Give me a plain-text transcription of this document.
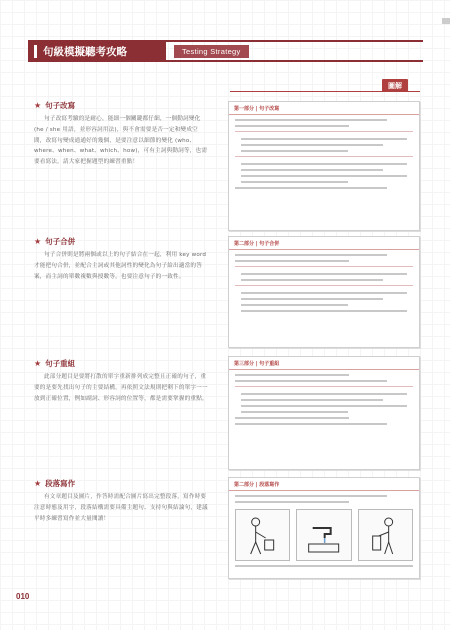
句級模擬聽考攻略	Testing Strategy
圖解
★ 句子改寫
句子改寫考驗的是耐心，能細一個關鍵都仔細，一個動詞變化 (he / she 用語，並形容詞用法)，與不會需要是否一定和變成空間，改寫句變成通通好的幾個，是要注意以細節的變化 (who、where、when、what、which、how)，可有主詞與動詞等，也需要看寫法，請大家把握題型的練習重點！
★ 句子合併
句子合併則是將兩個或以上的句子結合在一起，利用 key word 才能把句合併，並配合主詞或其他詞性的變化為句子給出適當的答案，而主詞的單數複數與授數等，也要注意句子的一致性。
★ 句子重組
此部分題目是要將打散的單字重新排列成完整且正確的句子，重要的是要先找出句子的主要結構，再依照文法規則把剩下的單字一一放到正確位置，例如副詞、形容詞的位置等，都是需要掌握的重點。
★ 段落寫作
有文章題目及圖片，作答時需配合圖片寫出完整段落，寫作時要注意時態及用字，段落結構需要具備主題句、支持句與結論句，建議平時多練習寫作並大量閱讀！
第一部分 | 句子改寫
第二部分 | 句子合併
第三部分 | 句子重組
第二部分 | 段落寫作
010
